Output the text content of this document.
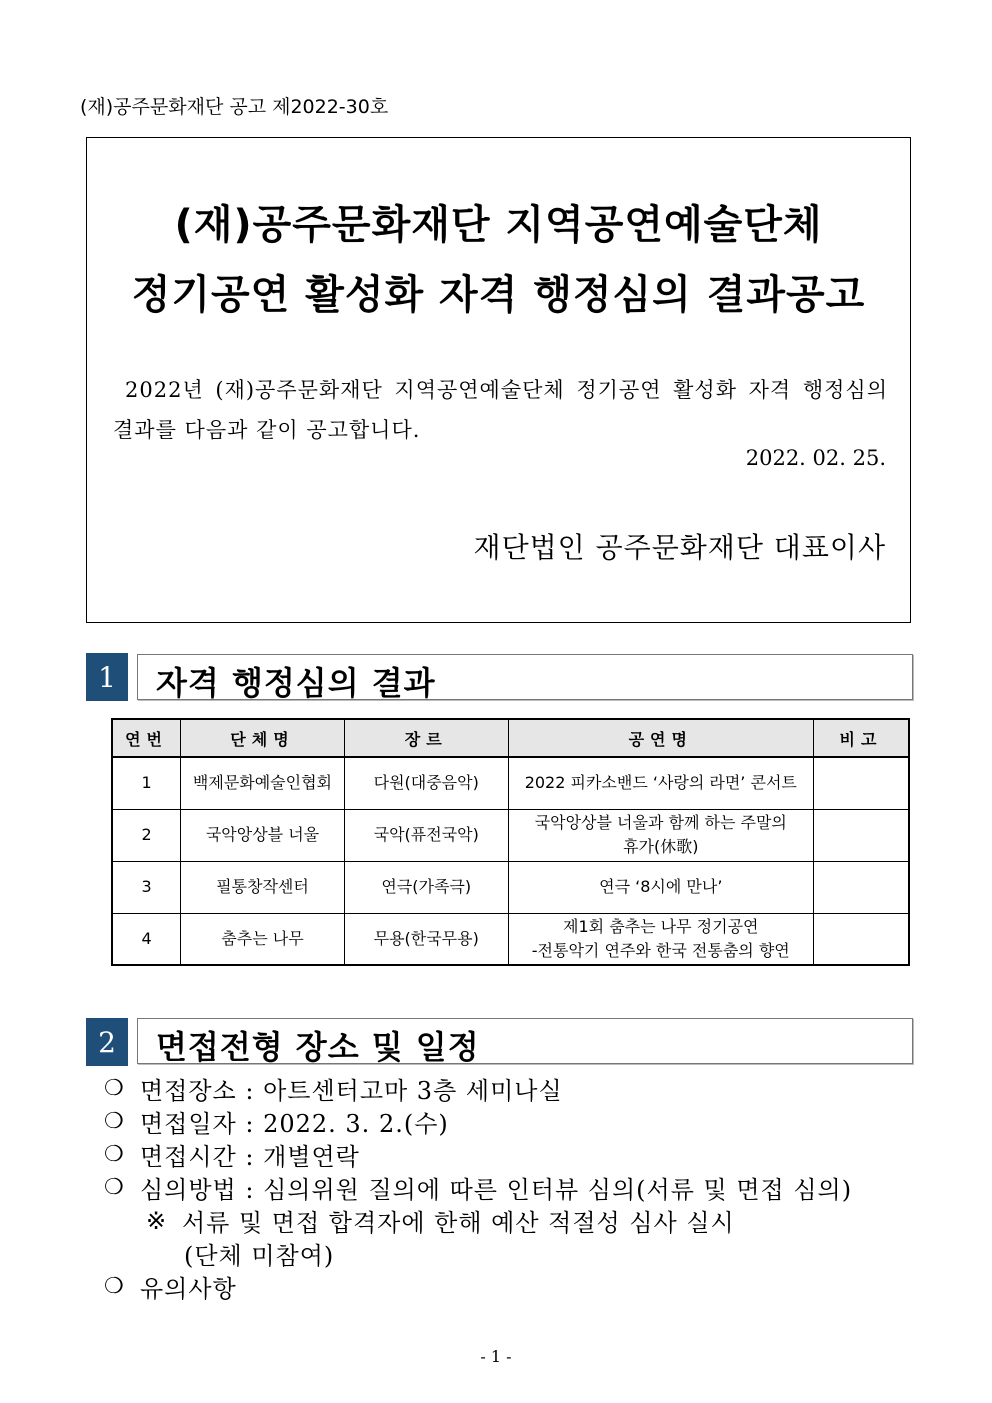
(재)공주문화재단 공고 제2022-30호
(재)공주문화재단 지역공연예술단체
정기공연 활성화 자격 행정심의 결과공고
2022년 (재)공주문화재단 지역공연예술단체 정기공연 활성화 자격 행정심의 결과를 다음과 같이 공고합니다.
2022. 02. 25.
재단법인 공주문화재단 대표이사
1	자격 행정심의 결과
연번	단체명	장르	공연명	비고
1	백제문화예술인협회	다원(대중음악)	2022 피카소밴드 ‘사랑의 라면’ 콘서트	

2	국악앙상블 너울	국악(퓨전국악)	국악앙상블 너울과 함께 하는 주말의
휴가(休歌)	

3	필통창작센터	연극(가족극)	연극 ‘8시에 만나’	

4	춤추는 나무	무용(한국무용)	제1회 춤추는 나무 정기공연
-전통악기 연주와 한국 전통춤의 향연	

2	면접전형 장소 및 일정
❍ 면접장소 : 아트센터고마 3층 세미나실
❍ 면접일자 : 2022. 3. 2.(수)
❍ 면접시간 : 개별연락
❍ 심의방법 : 심의위원 질의에 따른 인터뷰 심의(서류 및 면접 심의)
※ 서류 및 면접 합격자에 한해 예산 적절성 심사 실시
(단체 미참여)
❍ 유의사항
- 1 -
